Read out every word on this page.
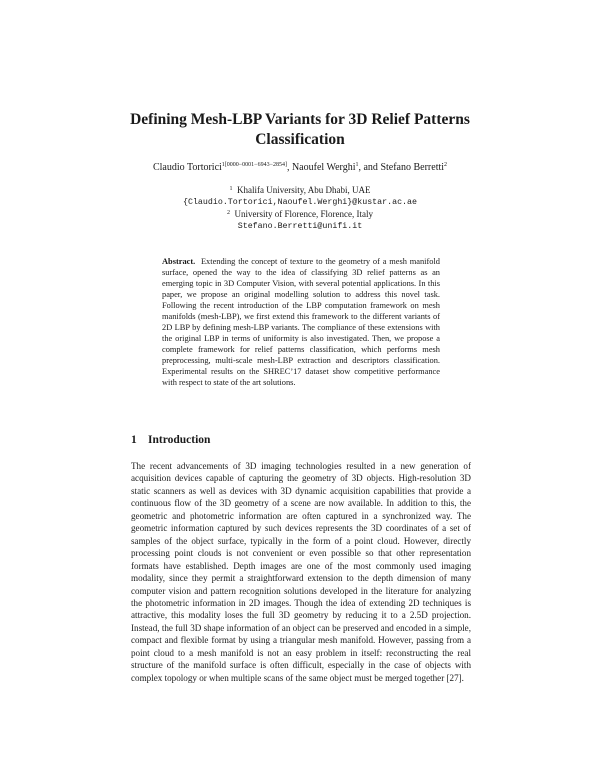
Defining Mesh-LBP Variants for 3D Relief Patterns
Classification
Claudio Tortorici$^{1[0000-0001-6943-2854]}$, Naoufel Werghi$^1$, and Stefano Berretti$^2$
$^1$ Khalifa University, Abu Dhabi, UAE
{Claudio.Tortorici,Naoufel.Werghi}@kustar.ac.ae
$^2$ University of Florence, Florence, Italy
Stefano.Berretti@unifi.it
Abstract. Extending the concept of texture to the geometry of a mesh manifold surface, opened the way to the idea of classifying 3D relief patterns as an emerging topic in 3D Computer Vision, with several potential applications. In this paper, we propose an original modelling solution to address this novel task. Following the recent introduction of the LBP computation framework on mesh manifolds (mesh-LBP), we first extend this framework to the different variants of 2D LBP by defining mesh-LBP variants. The compliance of these extensions with the original LBP in terms of uniformity is also investigated. Then, we propose a complete framework for relief patterns classification, which performs mesh preprocessing, multi-scale mesh-LBP extraction and descriptors classification. Experimental results on the SHREC’17 dataset show competitive performance with respect to state of the art solutions.
1 Introduction
The recent advancements of 3D imaging technologies resulted in a new generation of acquisition devices capable of capturing the geometry of 3D objects. High-resolution 3D static scanners as well as devices with 3D dynamic acquisition capabilities that provide a continuous flow of the 3D geometry of a scene are now available. In addition to this, the geometric and photometric information are often captured in a synchronized way. The geometric information captured by such devices represents the 3D coordinates of a set of samples of the object surface, typically in the form of a point cloud. However, directly processing point clouds is not convenient or even possible so that other representation formats have established. Depth images are one of the most commonly used imaging modality, since they permit a straightforward extension to the depth dimension of many computer vision and pattern recognition solutions developed in the literature for analyzing the photometric information in 2D images. Though the idea of extending 2D techniques is attractive, this modality loses the full 3D geometry by reducing it to a 2.5D projection. Instead, the full 3D shape information of an object can be preserved and encoded in a simple, compact and flexible format by using a triangular mesh manifold. However, passing from a point cloud to a mesh manifold is not an easy problem in itself: reconstructing the real structure of the manifold surface is often difficult, especially in the case of objects with complex topology or when multiple scans of the same object must be merged together [27].
